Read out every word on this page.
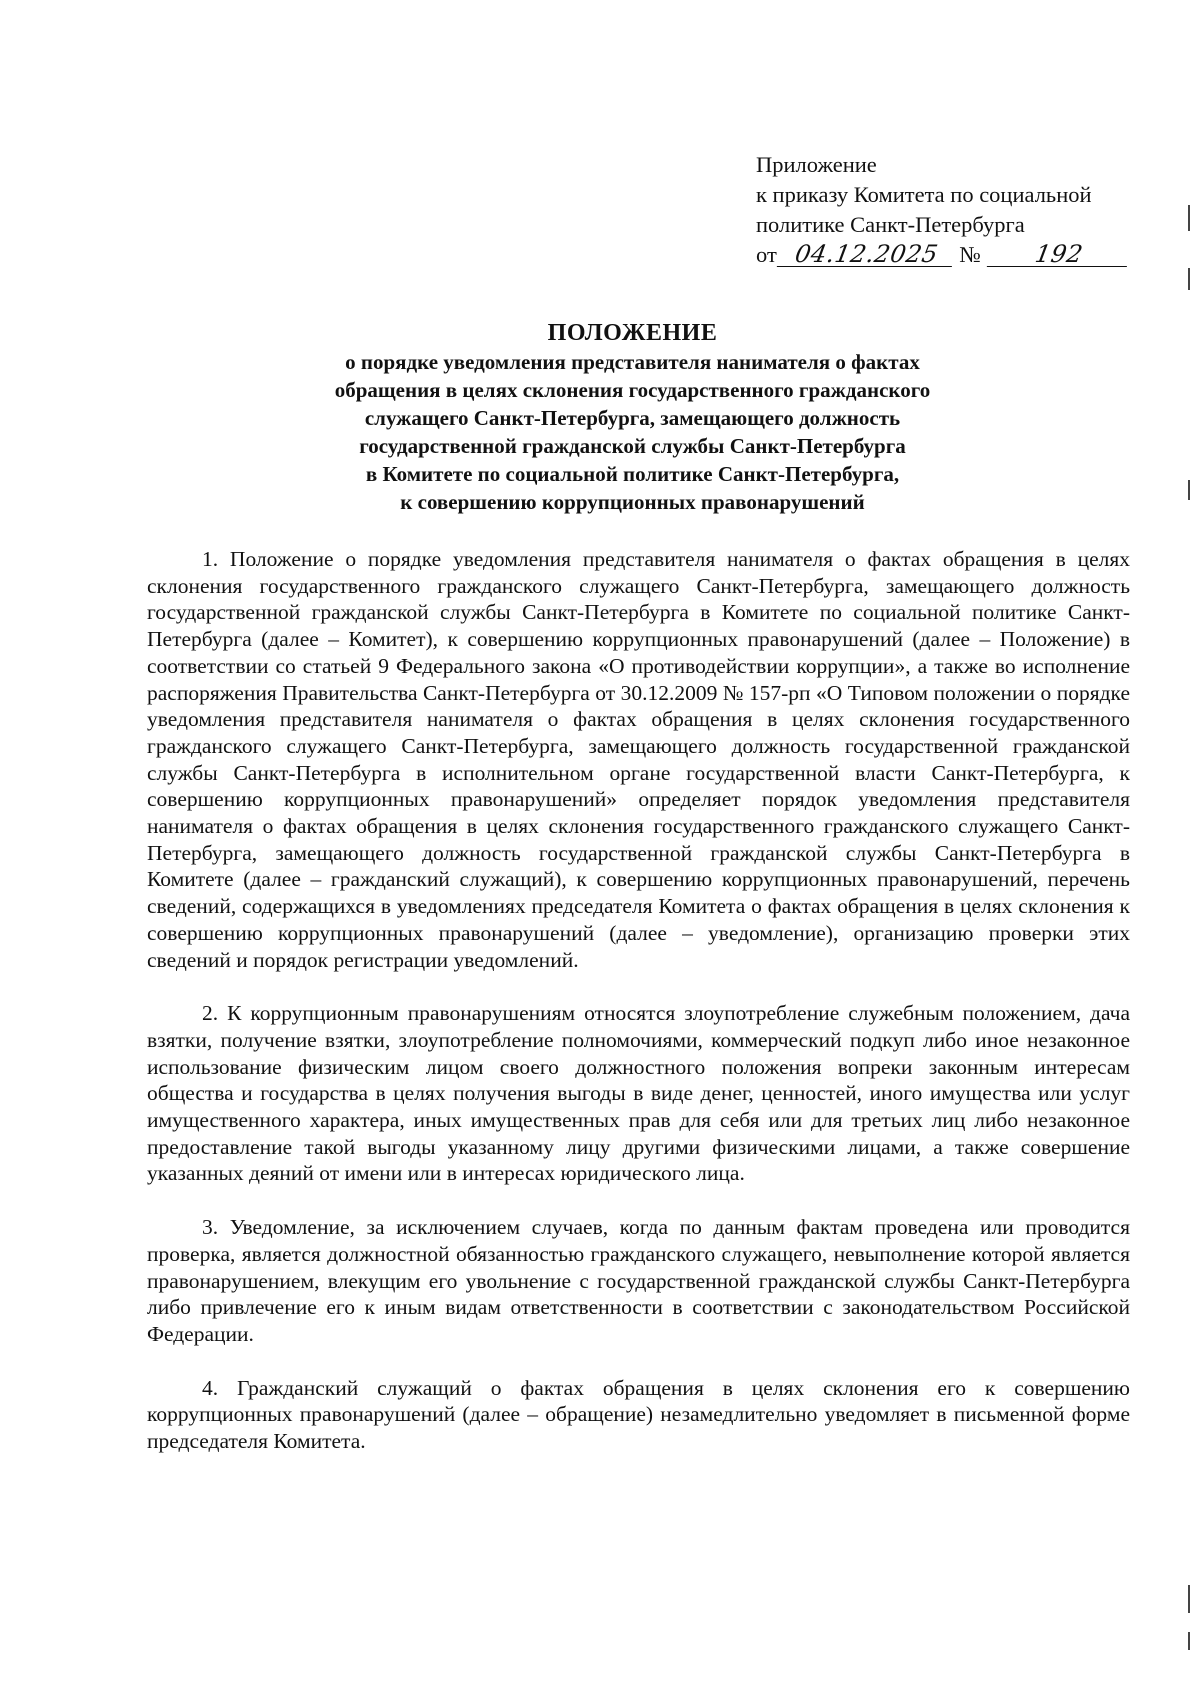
Приложение
к приказу Комитета по социальной
политике Санкт-Петербурга
от 04.12.2025 № 192
ПОЛОЖЕНИЕ
о порядке уведомления представителя нанимателя о фактах
обращения в целях склонения государственного гражданского
служащего Санкт-Петербурга, замещающего должность
государственной гражданской службы Санкт-Петербурга
в Комитете по социальной политике Санкт-Петербурга,
к совершению коррупционных правонарушений

1. Положение о порядке уведомления представителя нанимателя о фактах обращения в целях склонения государственного гражданского служащего Санкт-Петербурга, замещающего должность государственной гражданской службы Санкт-Петербурга в Комитете по социальной политике Санкт-Петербурга (далее – Комитет), к совершению коррупционных правонарушений (далее – Положение) в соответствии со статьей 9 Федерального закона «О противодействии коррупции», а также во исполнение распоряжения Правительства Санкт-Петербурга от 30.12.2009 № 157-рп «О Типовом положении о порядке уведомления представителя нанимателя о фактах обращения в целях склонения государственного гражданского служащего Санкт-Петербурга, замещающего должность государственной гражданской службы Санкт-Петербурга в исполнительном органе государственной власти Санкт-Петербурга, к совершению коррупционных правонарушений» определяет порядок уведомления представителя нанимателя о фактах обращения в целях склонения государственного гражданского служащего Санкт-Петербурга, замещающего должность государственной гражданской службы Санкт-Петербурга в Комитете (далее – гражданский служащий), к совершению коррупционных правонарушений, перечень сведений, содержащихся в уведомлениях председателя Комитета о фактах обращения в целях склонения к совершению коррупционных правонарушений (далее – уведомление), организацию проверки этих сведений и порядок регистрации уведомлений.

2. К коррупционным правонарушениям относятся злоупотребление служебным положением, дача взятки, получение взятки, злоупотребление полномочиями, коммерческий подкуп либо иное незаконное использование физическим лицом своего должностного положения вопреки законным интересам общества и государства в целях получения выгоды в виде денег, ценностей, иного имущества или услуг имущественного характера, иных имущественных прав для себя или для третьих лиц либо незаконное предоставление такой выгоды указанному лицу другими физическими лицами, а также совершение указанных деяний от имени или в интересах юридического лица.

3. Уведомление, за исключением случаев, когда по данным фактам проведена или проводится проверка, является должностной обязанностью гражданского служащего, невыполнение которой является правонарушением, влекущим его увольнение с государственной гражданской службы Санкт-Петербурга либо привлечение его к иным видам ответственности в соответствии с законодательством Российской Федерации.

4. Гражданский служащий о фактах обращения в целях склонения его к совершению коррупционных правонарушений (далее – обращение) незамедлительно уведомляет в письменной форме председателя Комитета.
